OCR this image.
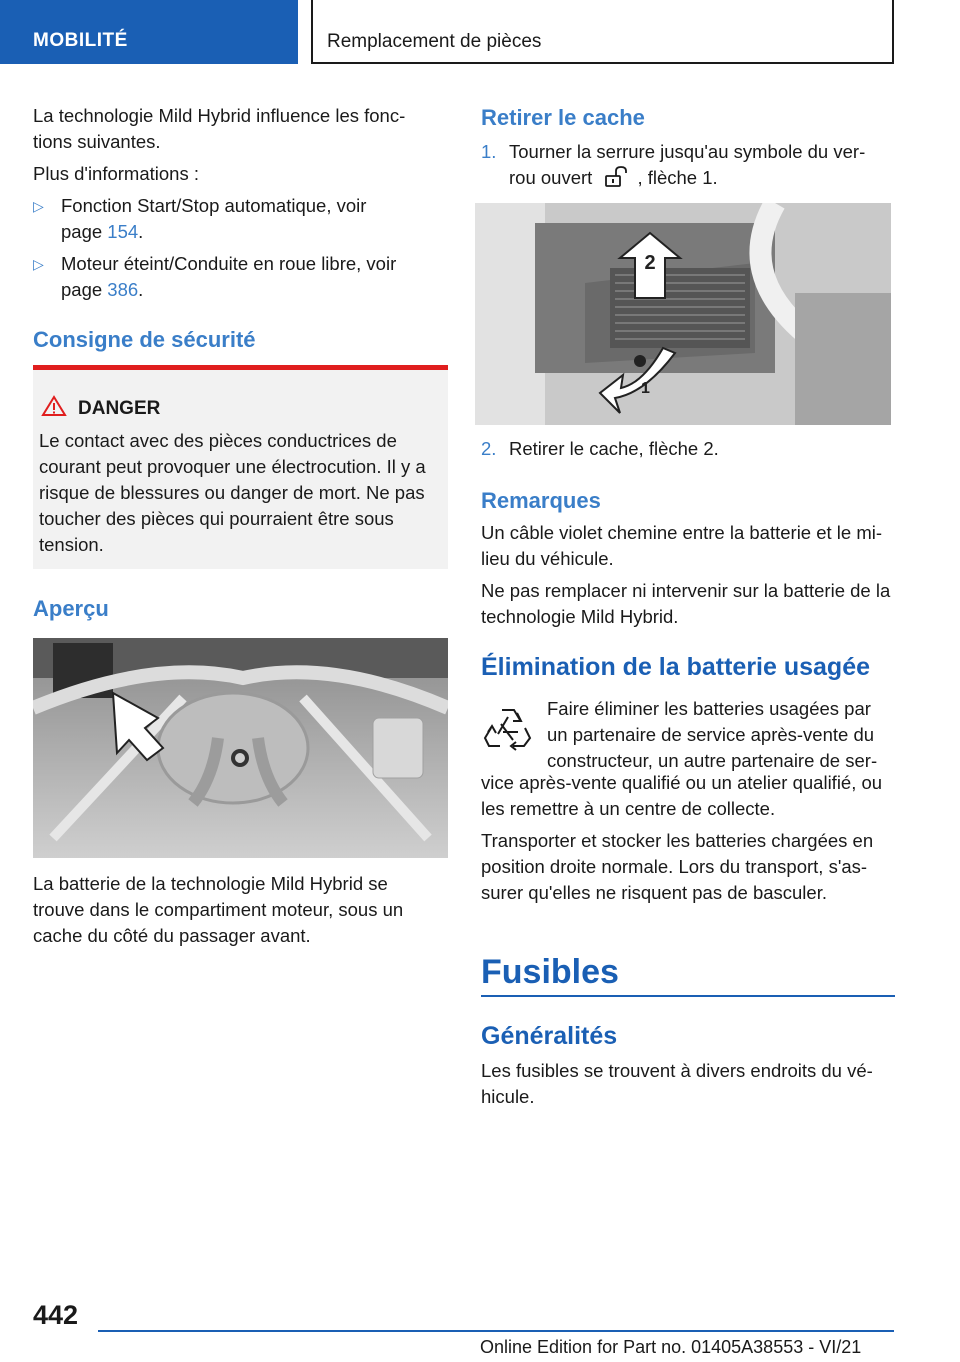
MOBILITÉ	Remplacement de pièces

La technologie Mild Hybrid influence les fonc-tions suivantes.

Plus d'informations :

▷ Fonction Start/Stop automatique, voir page 154.

▷ Moteur éteint/Conduite en roue libre, voir page 386.

Consigne de sécurité
DANGER

Le contact avec des pièces conductrices de courant peut provoquer une électrocution. Il y a risque de blessures ou danger de mort. Ne pas toucher des pièces qui pourraient être sous tension.

Aperçu

La batterie de la technologie Mild Hybrid se trouve dans le compartiment moteur, sous un cache du côté du passager avant.

Retirer le cache
1. Tourner la serrure jusqu'au symbole du ver-rou ouvert , flèche 1.

2
1
2. Retirer le cache, flèche 2.

Remarques

Un câble violet chemine entre la batterie et le mi-lieu du véhicule.

Ne pas remplacer ni intervenir sur la batterie de la technologie Mild Hybrid.

Élimination de la batterie usagée

Faire éliminer les batteries usagées par un partenaire de service après-vente du constructeur, un autre partenaire de ser-

vice après-vente qualifié ou un atelier qualifié, ou les remettre à un centre de collecte.

Transporter et stocker les batteries chargées en position droite normale. Lors du transport, s'as-surer qu'elles ne risquent pas de basculer.

Fusibles
Généralités

Les fusibles se trouvent à divers endroits du vé-hicule.

442
Online Edition for Part no. 01405A38553 - VI/21
